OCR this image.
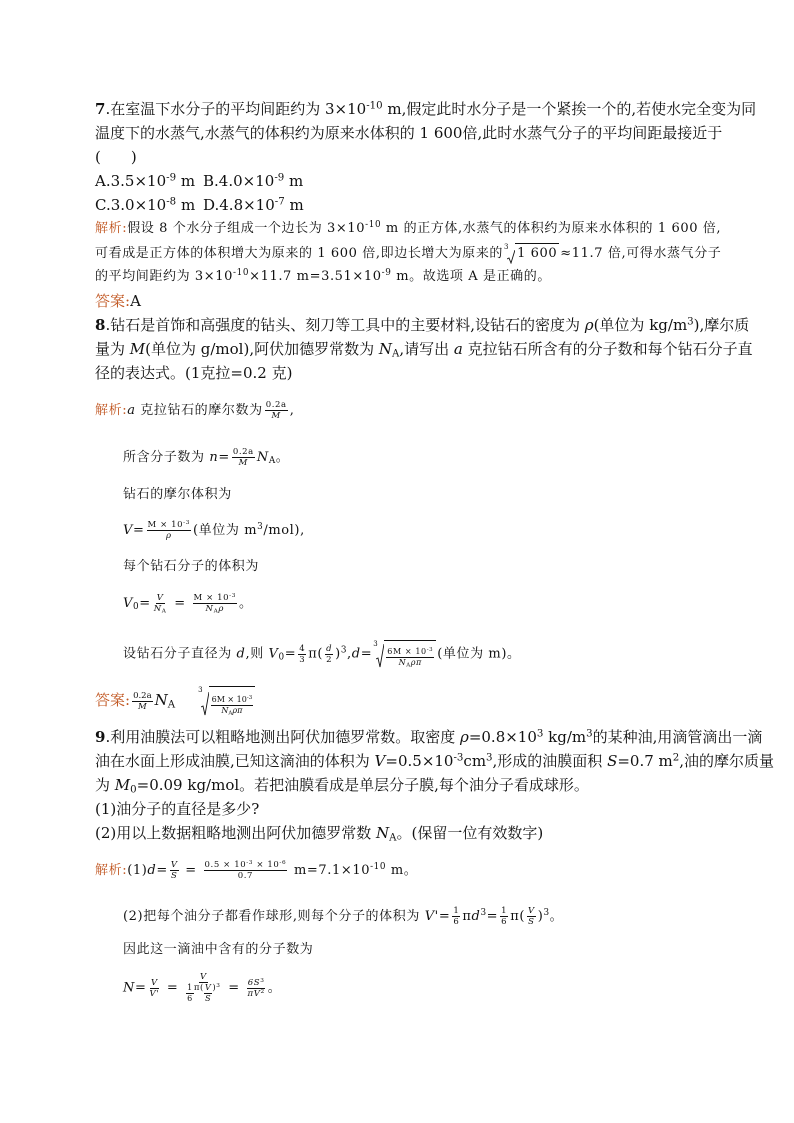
7.在室温下水分子的平均间距约为 $3\times 10^{-10}$ m,假定此时水分子是一个紧挨一个的,若使水完全变为同
温度下的水蒸气,水蒸气的体积约为原来水体积的 1 600倍,此时水蒸气分子的平均间距最接近于
(　　)
$A.3.5\times 10^{-9}$ m $B.4.0\times 10^{-9}$ m
$C.3.0\times 10^{-8}$ m $D.4.8\times 10^{-7}$ m
解析:假设 8 个水分子组成一个边长为 $3\times 10^{-10}$ m 的正方体,水蒸气的体积约为原来水体积的 1 600 倍,
可看成是正方体的体积增大为原来的 1 600 倍,即边长增大为原来的 3 1 600 ≈11.7 倍,可得水蒸气分子
的平均间距约为 $3\times 10^{-10}\times 11.7$ $m=3.51\times 10^{-9}$ m。故选项 A 是正确的。
答案:A
8.钻石是首饰和高强度的钻头、刻刀等工具中的主要材料,设钻石的密度为 ρ(单位为 $kg/m^3$),摩尔质
量为 M(单位为 g/mol),阿伏加德罗常数为 $N_A$,请写出 a 克拉钻石所含有的分子数和每个钻石分子直
径的表达式。(1克拉=0.2 克)
解析:a 克拉钻石的摩尔数为 $\frac{0.2a}{M}$ ,
所含分子数为 $n= \frac{0.2a}{M} N_A$。
钻石的摩尔体积为
$V= \frac{M \times 10^{-3}}{\rho}$ (单位为 $m^3/mol$),
每个钻石分子的体积为
$V_0= \frac{V}{N_A} = M \times 10^{-3}$
$N_A\rho$ 。
设钻石分子直径为 d,则 $V_0= \frac{4}{3} \pi( \frac{d}{2} )^3,d=$
3
$6M \times 10^{-3}$
$N_A\rho\pi$
(单位为 m)。
答案: $\frac{0.2a}{M} N_A$
3
$6M \times 10^{-3}$
$N_A\rho\pi$
9.利用油膜法可以粗略地测出阿伏加德罗常数。取密度 $\rho=0.8\times 10^3$ $kg/m^3$的某种油,用滴管滴出一滴
油在水面上形成油膜,已知这滴油的体积为 $V=0.5\times 10^{-3}cm^3$,形成的油膜面积 S=0.7 $m^2$,油的摩尔质量
为 $M_0=0.09$ kg/mol。若把油膜看成是单层分子膜,每个油分子看成球形。
(1)油分子的直径是多少?
(2)用以上数据粗略地测出阿伏加德罗常数 $N_A$。(保留一位有效数字)
解析:(1)d= $\frac{V}{S} = \frac{0.5 \times 10^{-3} \times 10^{-6}}{0.7} m=7.1\times 10^{-10}$ m。
(2)把每个油分子都看作球形,则每个分子的体积为 $V'= \frac{1}{6} \pi d^3= \frac{1}{6} \pi( \frac{V}{S} )^3$。
因此这一滴油中含有的分子数为
$N= \frac{V}{V'} = \frac{V}{\frac{1}{6} \pi( \frac{V}{S} )^3} = \frac{6S^3}{\pi V^2}$ 。
